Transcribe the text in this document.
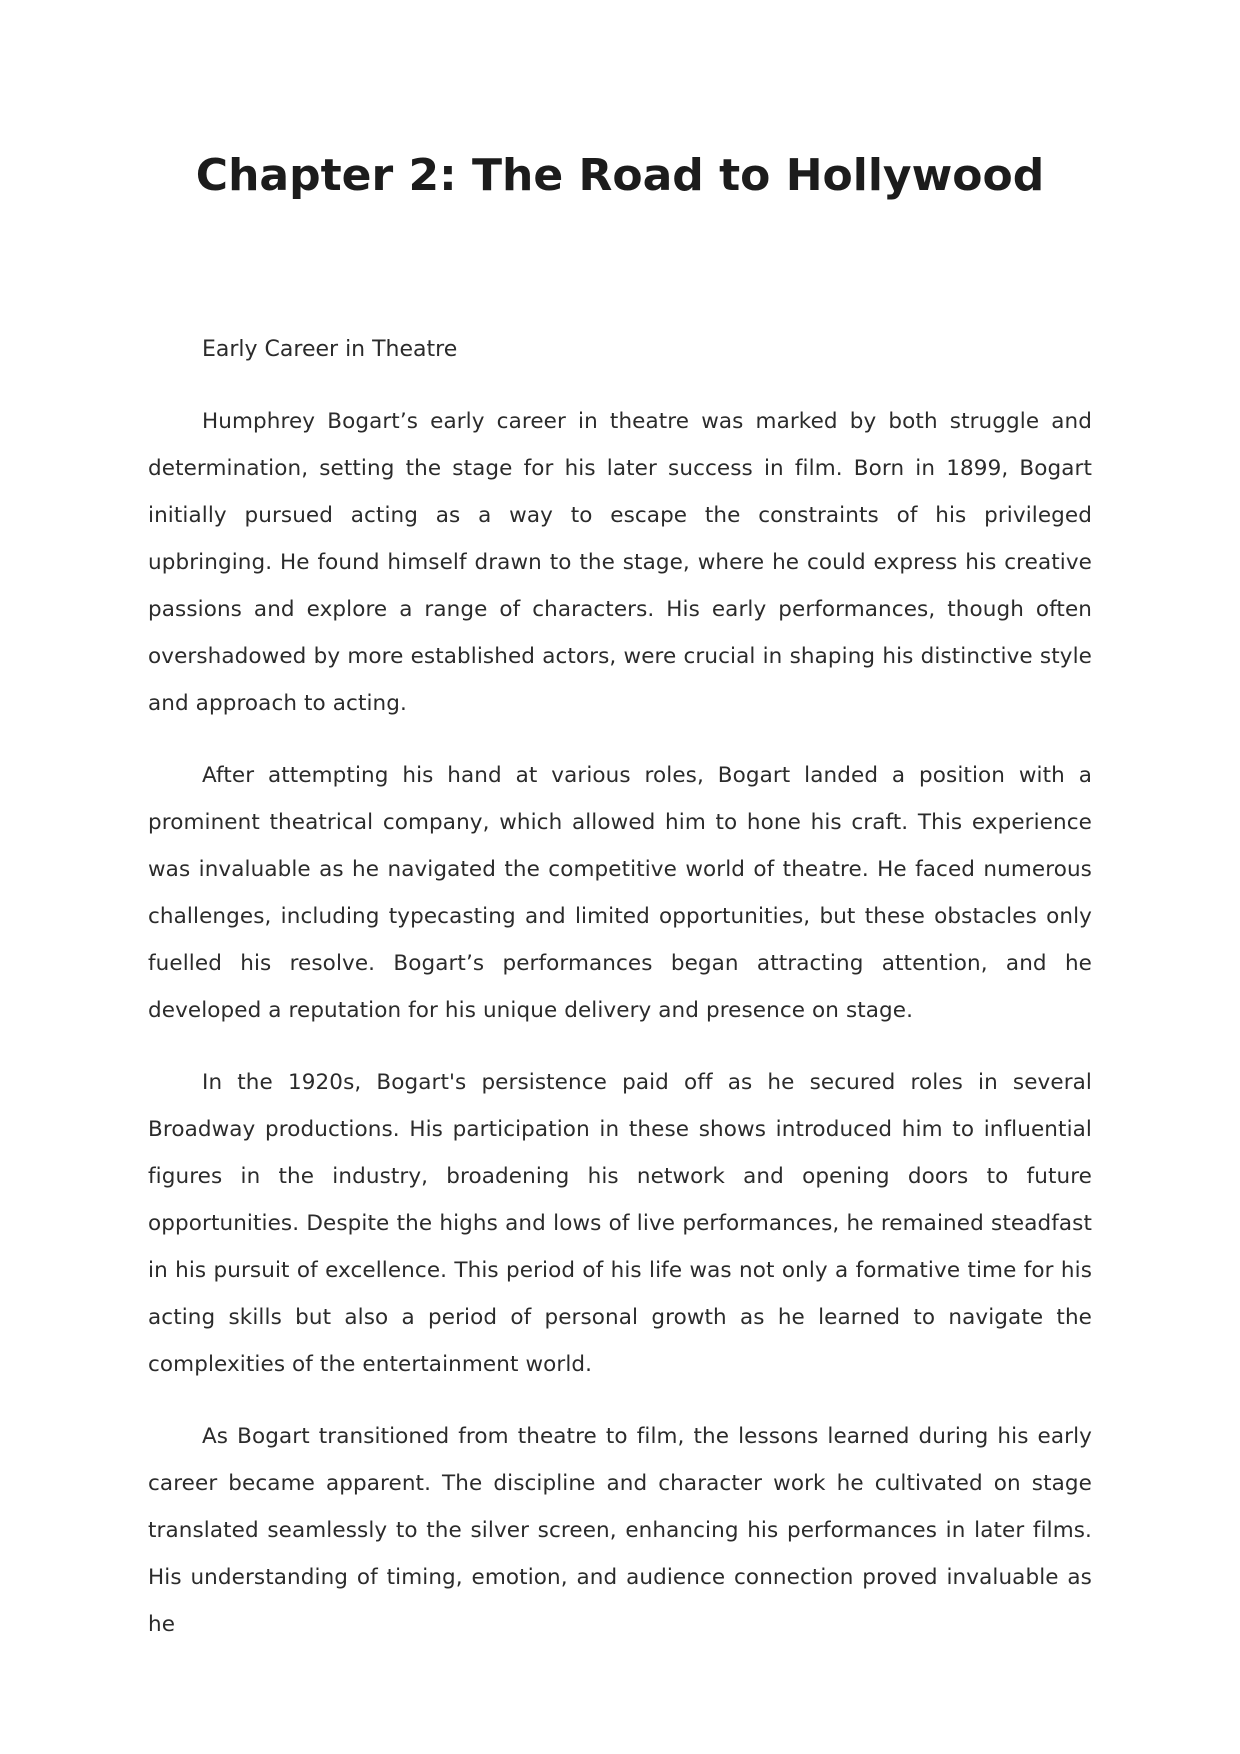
Chapter 2: The Road to Hollywood

Early Career in Theatre

Humphrey Bogart’s early career in theatre was marked by both struggle and determination, setting the stage for his later success in film. Born in 1899, Bogart initially pursued acting as a way to escape the constraints of his privileged upbringing. He found himself drawn to the stage, where he could express his creative passions and explore a range of characters. His early performances, though often overshadowed by more established actors, were crucial in shaping his distinctive style and approach to acting.

After attempting his hand at various roles, Bogart landed a position with a prominent theatrical company, which allowed him to hone his craft. This experience was invaluable as he navigated the competitive world of theatre. He faced numerous challenges, including typecasting and limited opportunities, but these obstacles only fuelled his resolve. Bogart’s performances began attracting attention, and he developed a reputation for his unique delivery and presence on stage.

In the 1920s, Bogart's persistence paid off as he secured roles in several Broadway productions. His participation in these shows introduced him to influential figures in the industry, broadening his network and opening doors to future opportunities. Despite the highs and lows of live performances, he remained steadfast in his pursuit of excellence. This period of his life was not only a formative time for his acting skills but also a period of personal growth as he learned to navigate the complexities of the entertainment world.

As Bogart transitioned from theatre to film, the lessons learned during his early career became apparent. The discipline and character work he cultivated on stage translated seamlessly to the silver screen, enhancing his performances in later films. His understanding of timing, emotion, and audience connection proved invaluable as he
